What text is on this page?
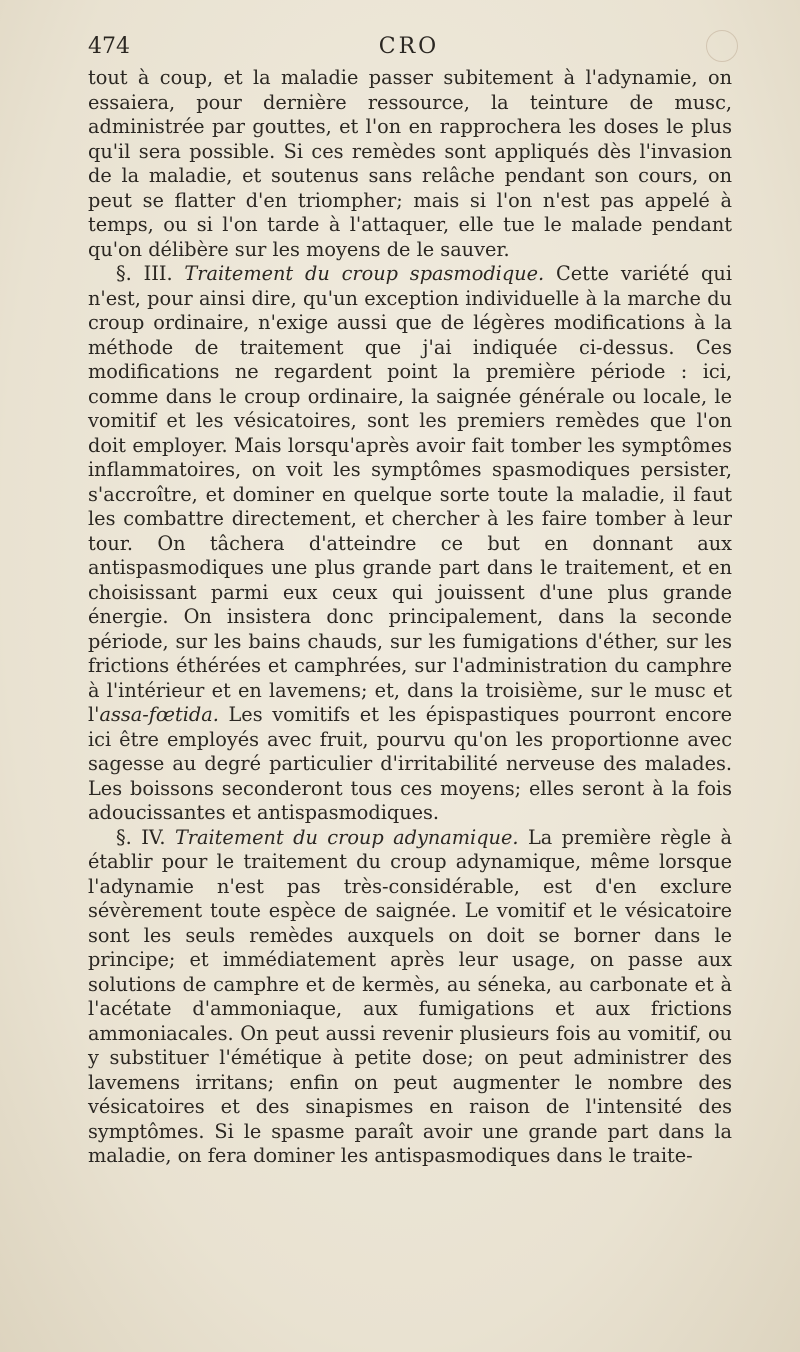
474	CRO

tout à coup, et la maladie passer subitement à l'adynamie, on essaiera, pour dernière ressource, la teinture de musc, administrée par gouttes, et l'on en rapprochera les doses le plus qu'il sera possible. Si ces remèdes sont appliqués dès l'invasion de la maladie, et soutenus sans relâche pendant son cours, on peut se flatter d'en triompher; mais si l'on n'est pas appelé à temps, ou si l'on tarde à l'attaquer, elle tue le malade pendant qu'on délibère sur les moyens de le sauver.

§. III. Traitement du croup spasmodique. Cette variété qui n'est, pour ainsi dire, qu'un exception individuelle à la marche du croup ordinaire, n'exige aussi que de légères modifications à la méthode de traitement que j'ai indiquée ci-dessus. Ces modifications ne regardent point la première période : ici, comme dans le croup ordinaire, la saignée générale ou locale, le vomitif et les vésicatoires, sont les premiers remèdes que l'on doit employer. Mais lorsqu'après avoir fait tomber les symptômes inflammatoires, on voit les symptômes spasmodiques persister, s'accroître, et dominer en quelque sorte toute la maladie, il faut les combattre directement, et chercher à les faire tomber à leur tour. On tâchera d'atteindre ce but en donnant aux antispasmodiques une plus grande part dans le traitement, et en choisissant parmi eux ceux qui jouissent d'une plus grande énergie. On insistera donc principalement, dans la seconde période, sur les bains chauds, sur les fumigations d'éther, sur les frictions éthérées et camphrées, sur l'administration du camphre à l'intérieur et en lavemens; et, dans la troisième, sur le musc et l'assa-fœtida. Les vomitifs et les épispastiques pourront encore ici être employés avec fruit, pourvu qu'on les proportionne avec sagesse au degré particulier d'irritabilité nerveuse des malades. Les boissons seconderont tous ces moyens; elles seront à la fois adoucissantes et antispasmodiques.

§. IV. Traitement du croup adynamique. La première règle à établir pour le traitement du croup adynamique, même lorsque l'adynamie n'est pas très-considérable, est d'en exclure sévèrement toute espèce de saignée. Le vomitif et le vésicatoire sont les seuls remèdes auxquels on doit se borner dans le principe; et immédiatement après leur usage, on passe aux solutions de camphre et de kermès, au séneka, au carbonate et à l'acétate d'ammoniaque, aux fumigations et aux frictions ammoniacales. On peut aussi revenir plusieurs fois au vomitif, ou y substituer l'émétique à petite dose; on peut administrer des lavemens irritans; enfin on peut augmenter le nombre des vésicatoires et des sinapismes en raison de l'intensité des symptômes. Si le spasme paraît avoir une grande part dans la maladie, on fera dominer les antispasmodiques dans le traite-
